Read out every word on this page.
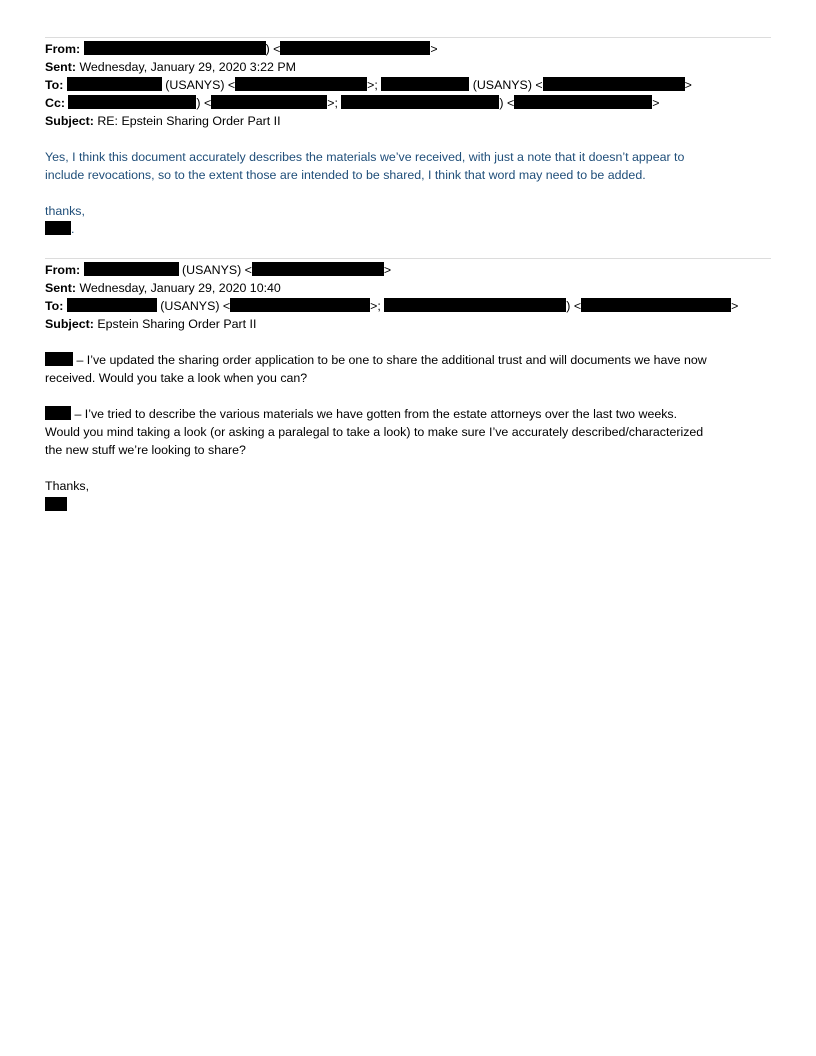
From:	) <	>
Sent: Wednesday, January 29, 2020 3:22 PM
To:	(USANYS) <	>;	(USANYS) <	>
Cc:	) <	>;	) <	>
Subject: RE: Epstein Sharing Order Part II
Yes, I think this document accurately describes the materials we’ve received, with just a note that it doesn’t appear to
include revocations, so to the extent those are intended to be shared, I think that word may need to be added.
thanks,
.
From:	(USANYS) <	>
Sent: Wednesday, January 29, 2020 10:40
To:	(USANYS) <	>;	) <	>
Subject: Epstein Sharing Order Part II
– I’ve updated the sharing order application to be one to share the additional trust and will documents we have now
received. Would you take a look when you can?
– I’ve tried to describe the various materials we have gotten from the estate attorneys over the last two weeks.
Would you mind taking a look (or asking a paralegal to take a look) to make sure I’ve accurately described/characterized
the new stuff we’re looking to share?
Thanks,
